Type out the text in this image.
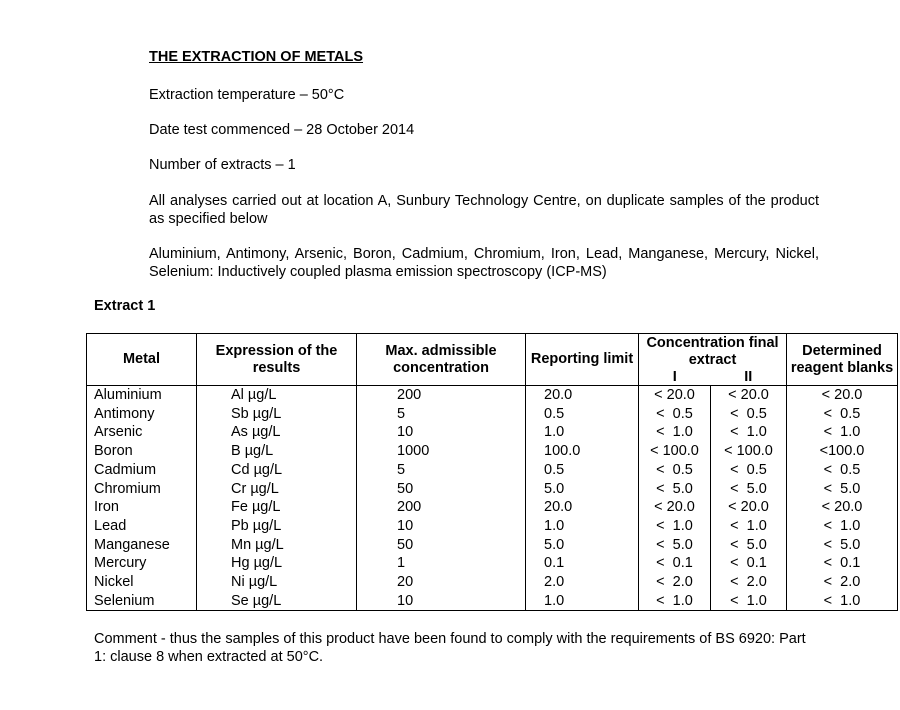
THE EXTRACTION OF METALS
Extraction temperature – 50°C
Date test commenced – 28 October 2014
Number of extracts – 1
All analyses carried out at location A, Sunbury Technology Centre, on duplicate samples of the product as specified below
Aluminium, Antimony, Arsenic, Boron, Cadmium, Chromium, Iron, Lead, Manganese, Mercury, Nickel, Selenium: Inductively coupled plasma emission spectroscopy (ICP-MS)
Extract 1
Metal	Expression of the results	Max. admissible concentration	Reporting limit	Concentration final extract		Determined reagent blanks
				I	II	
Aluminium	Al µg/L	200	20.0	< 20.0	< 20.0	< 20.0
Antimony	Sb µg/L	5	0.5	<  0.5	<  0.5	<  0.5
Arsenic	As µg/L	10	1.0	<  1.0	<  1.0	<  1.0
Boron	B µg/L	1000	100.0	< 100.0	< 100.0	<100.0
Cadmium	Cd µg/L	5	0.5	<  0.5	<  0.5	<  0.5
Chromium	Cr µg/L	50	5.0	<  5.0	<  5.0	<  5.0
Iron	Fe µg/L	200	20.0	< 20.0	< 20.0	< 20.0
Lead	Pb µg/L	10	1.0	<  1.0	<  1.0	<  1.0
Manganese	Mn µg/L	50	5.0	<  5.0	<  5.0	<  5.0
Mercury	Hg µg/L	1	0.1	<  0.1	<  0.1	<  0.1
Nickel	Ni µg/L	20	2.0	<  2.0	<  2.0	<  2.0
Selenium	Se µg/L	10	1.0	<  1.0	<  1.0	<  1.0
Comment - thus the samples of this product have been found to comply with the requirements of BS 6920: Part 1: clause 8 when extracted at 50°C.
